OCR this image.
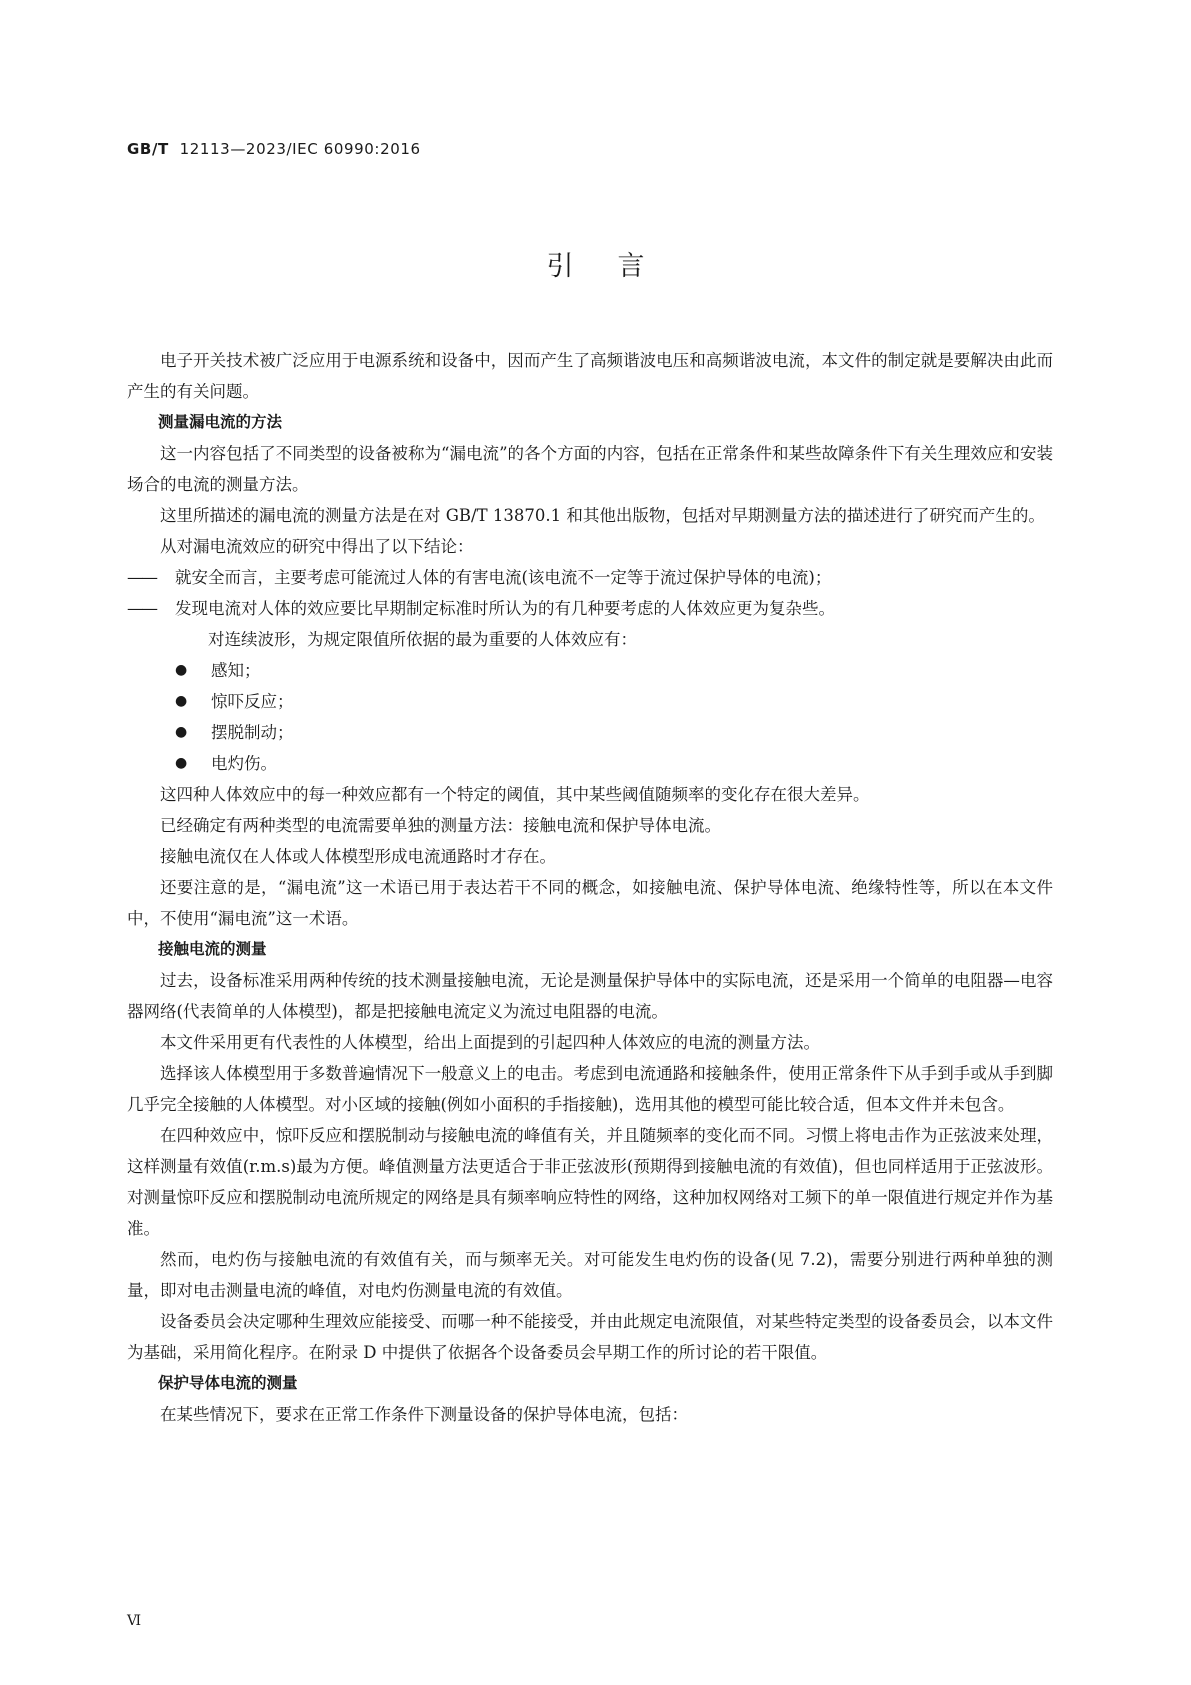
GB/T 12113—2023/IEC 60990:2016
引言

电子开关技术被广泛应用于电源系统和设备中，因而产生了高频谐波电压和高频谐波电流，本文件的制定就是要解决由此而产生的有关问题。

测量漏电流的方法

这一内容包括了不同类型的设备被称为“漏电流”的各个方面的内容，包括在正常条件和某些故障条件下有关生理效应和安装场合的电流的测量方法。

这里所描述的漏电流的测量方法是在对 GB/T 13870.1 和其他出版物，包括对早期测量方法的描述进行了研究而产生的。

从对漏电流效应的研究中得出了以下结论：

——	就安全而言，主要考虑可能流过人体的有害电流(该电流不一定等于流过保护导体的电流)；
——	发现电流对人体的效应要比早期制定标准时所认为的有几种要考虑的人体效应更为复杂些。

对连续波形，为规定限值所依据的最为重要的人体效应有：

●	感知；
●	惊吓反应；
●	摆脱制动；
●	电灼伤。

这四种人体效应中的每一种效应都有一个特定的阈值，其中某些阈值随频率的变化存在很大差异。

已经确定有两种类型的电流需要单独的测量方法：接触电流和保护导体电流。

接触电流仅在人体或人体模型形成电流通路时才存在。

还要注意的是，“漏电流”这一术语已用于表达若干不同的概念，如接触电流、保护导体电流、绝缘特性等，所以在本文件中，不使用“漏电流”这一术语。

接触电流的测量

过去，设备标准采用两种传统的技术测量接触电流，无论是测量保护导体中的实际电流，还是采用一个简单的电阻器—电容器网络(代表简单的人体模型)，都是把接触电流定义为流过电阻器的电流。

本文件采用更有代表性的人体模型，给出上面提到的引起四种人体效应的电流的测量方法。

选择该人体模型用于多数普遍情况下一般意义上的电击。考虑到电流通路和接触条件，使用正常条件下从手到手或从手到脚几乎完全接触的人体模型。对小区域的接触(例如小面积的手指接触)，选用其他的模型可能比较合适，但本文件并未包含。

在四种效应中，惊吓反应和摆脱制动与接触电流的峰值有关，并且随频率的变化而不同。习惯上将电击作为正弦波来处理，这样测量有效值(r.m.s)最为方便。峰值测量方法更适合于非正弦波形(预期得到接触电流的有效值)，但也同样适用于正弦波形。对测量惊吓反应和摆脱制动电流所规定的网络是具有频率响应特性的网络，这种加权网络对工频下的单一限值进行规定并作为基准。

然而，电灼伤与接触电流的有效值有关，而与频率无关。对可能发生电灼伤的设备(见 7.2)，需要分别进行两种单独的测量，即对电击测量电流的峰值，对电灼伤测量电流的有效值。

设备委员会决定哪种生理效应能接受、而哪一种不能接受，并由此规定电流限值，对某些特定类型的设备委员会，以本文件为基础，采用简化程序。在附录 D 中提供了依据各个设备委员会早期工作的所讨论的若干限值。

保护导体电流的测量

在某些情况下，要求在正常工作条件下测量设备的保护导体电流，包括：

Ⅵ
